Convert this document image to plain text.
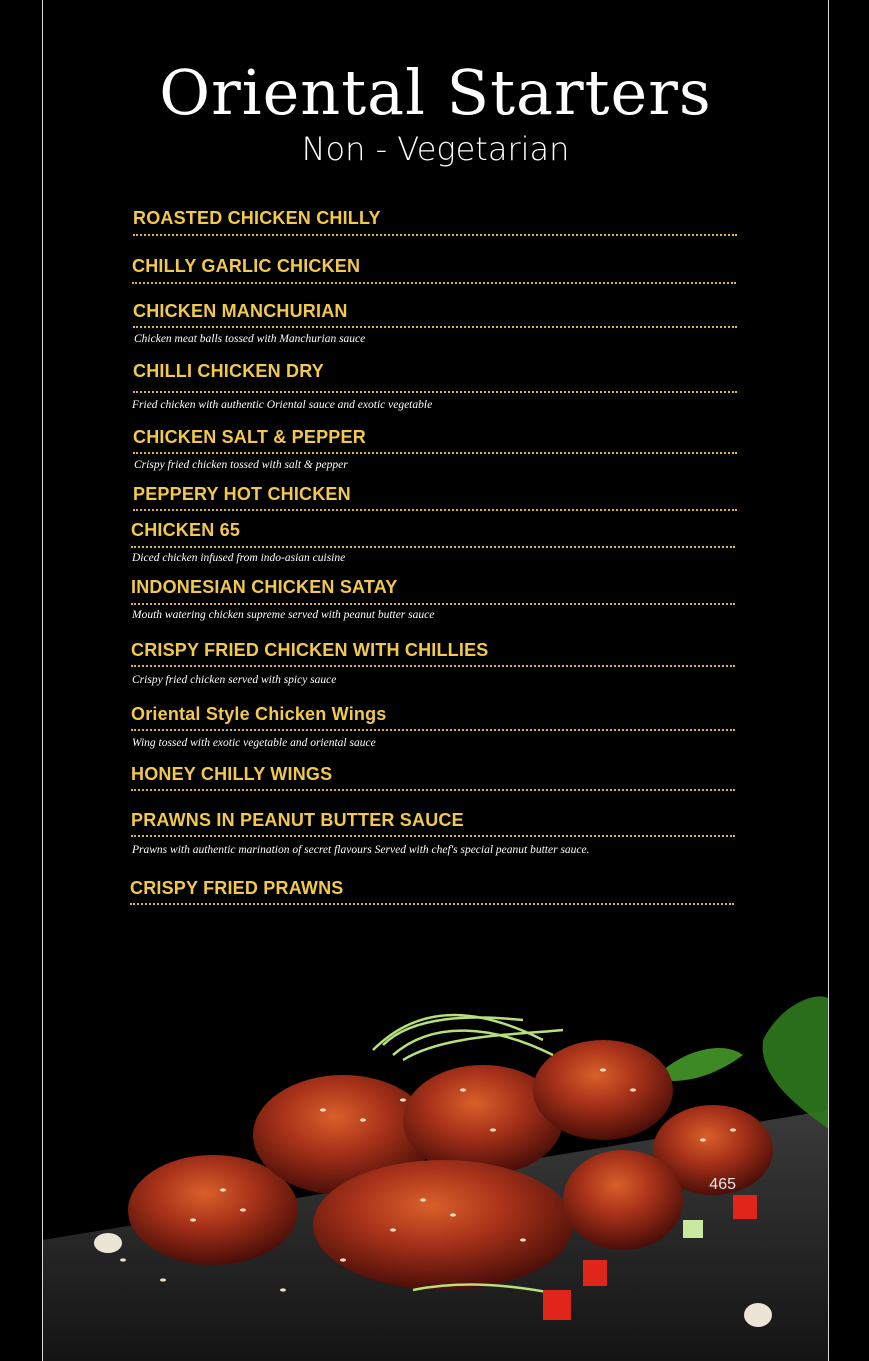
Oriental Starters
Non - Vegetarian
ROASTED CHICKEN CHILLY
CHILLY GARLIC CHICKEN
CHICKEN MANCHURIAN
Chicken meat balls tossed with Manchurian sauce
CHILLI CHICKEN DRY
Fried chicken with authentic Oriental sauce and exotic vegetable
CHICKEN SALT & PEPPER
Crispy fried chicken tossed with salt & pepper
PEPPERY HOT CHICKEN
CHICKEN 65
Diced chicken infused from indo-asian cuisine
INDONESIAN CHICKEN SATAY
Mouth watering chicken supreme served with peanut butter sauce
CRISPY FRIED CHICKEN WITH CHILLIES
Crispy fried chicken served with spicy sauce
Oriental Style Chicken Wings
Wing tossed with exotic vegetable and oriental sauce
HONEY CHILLY WINGS
PRAWNS IN PEANUT BUTTER SAUCE
Prawns with authentic marination of secret flavours Served with chef's special peanut butter sauce.
CRISPY FRIED PRAWNS
465
